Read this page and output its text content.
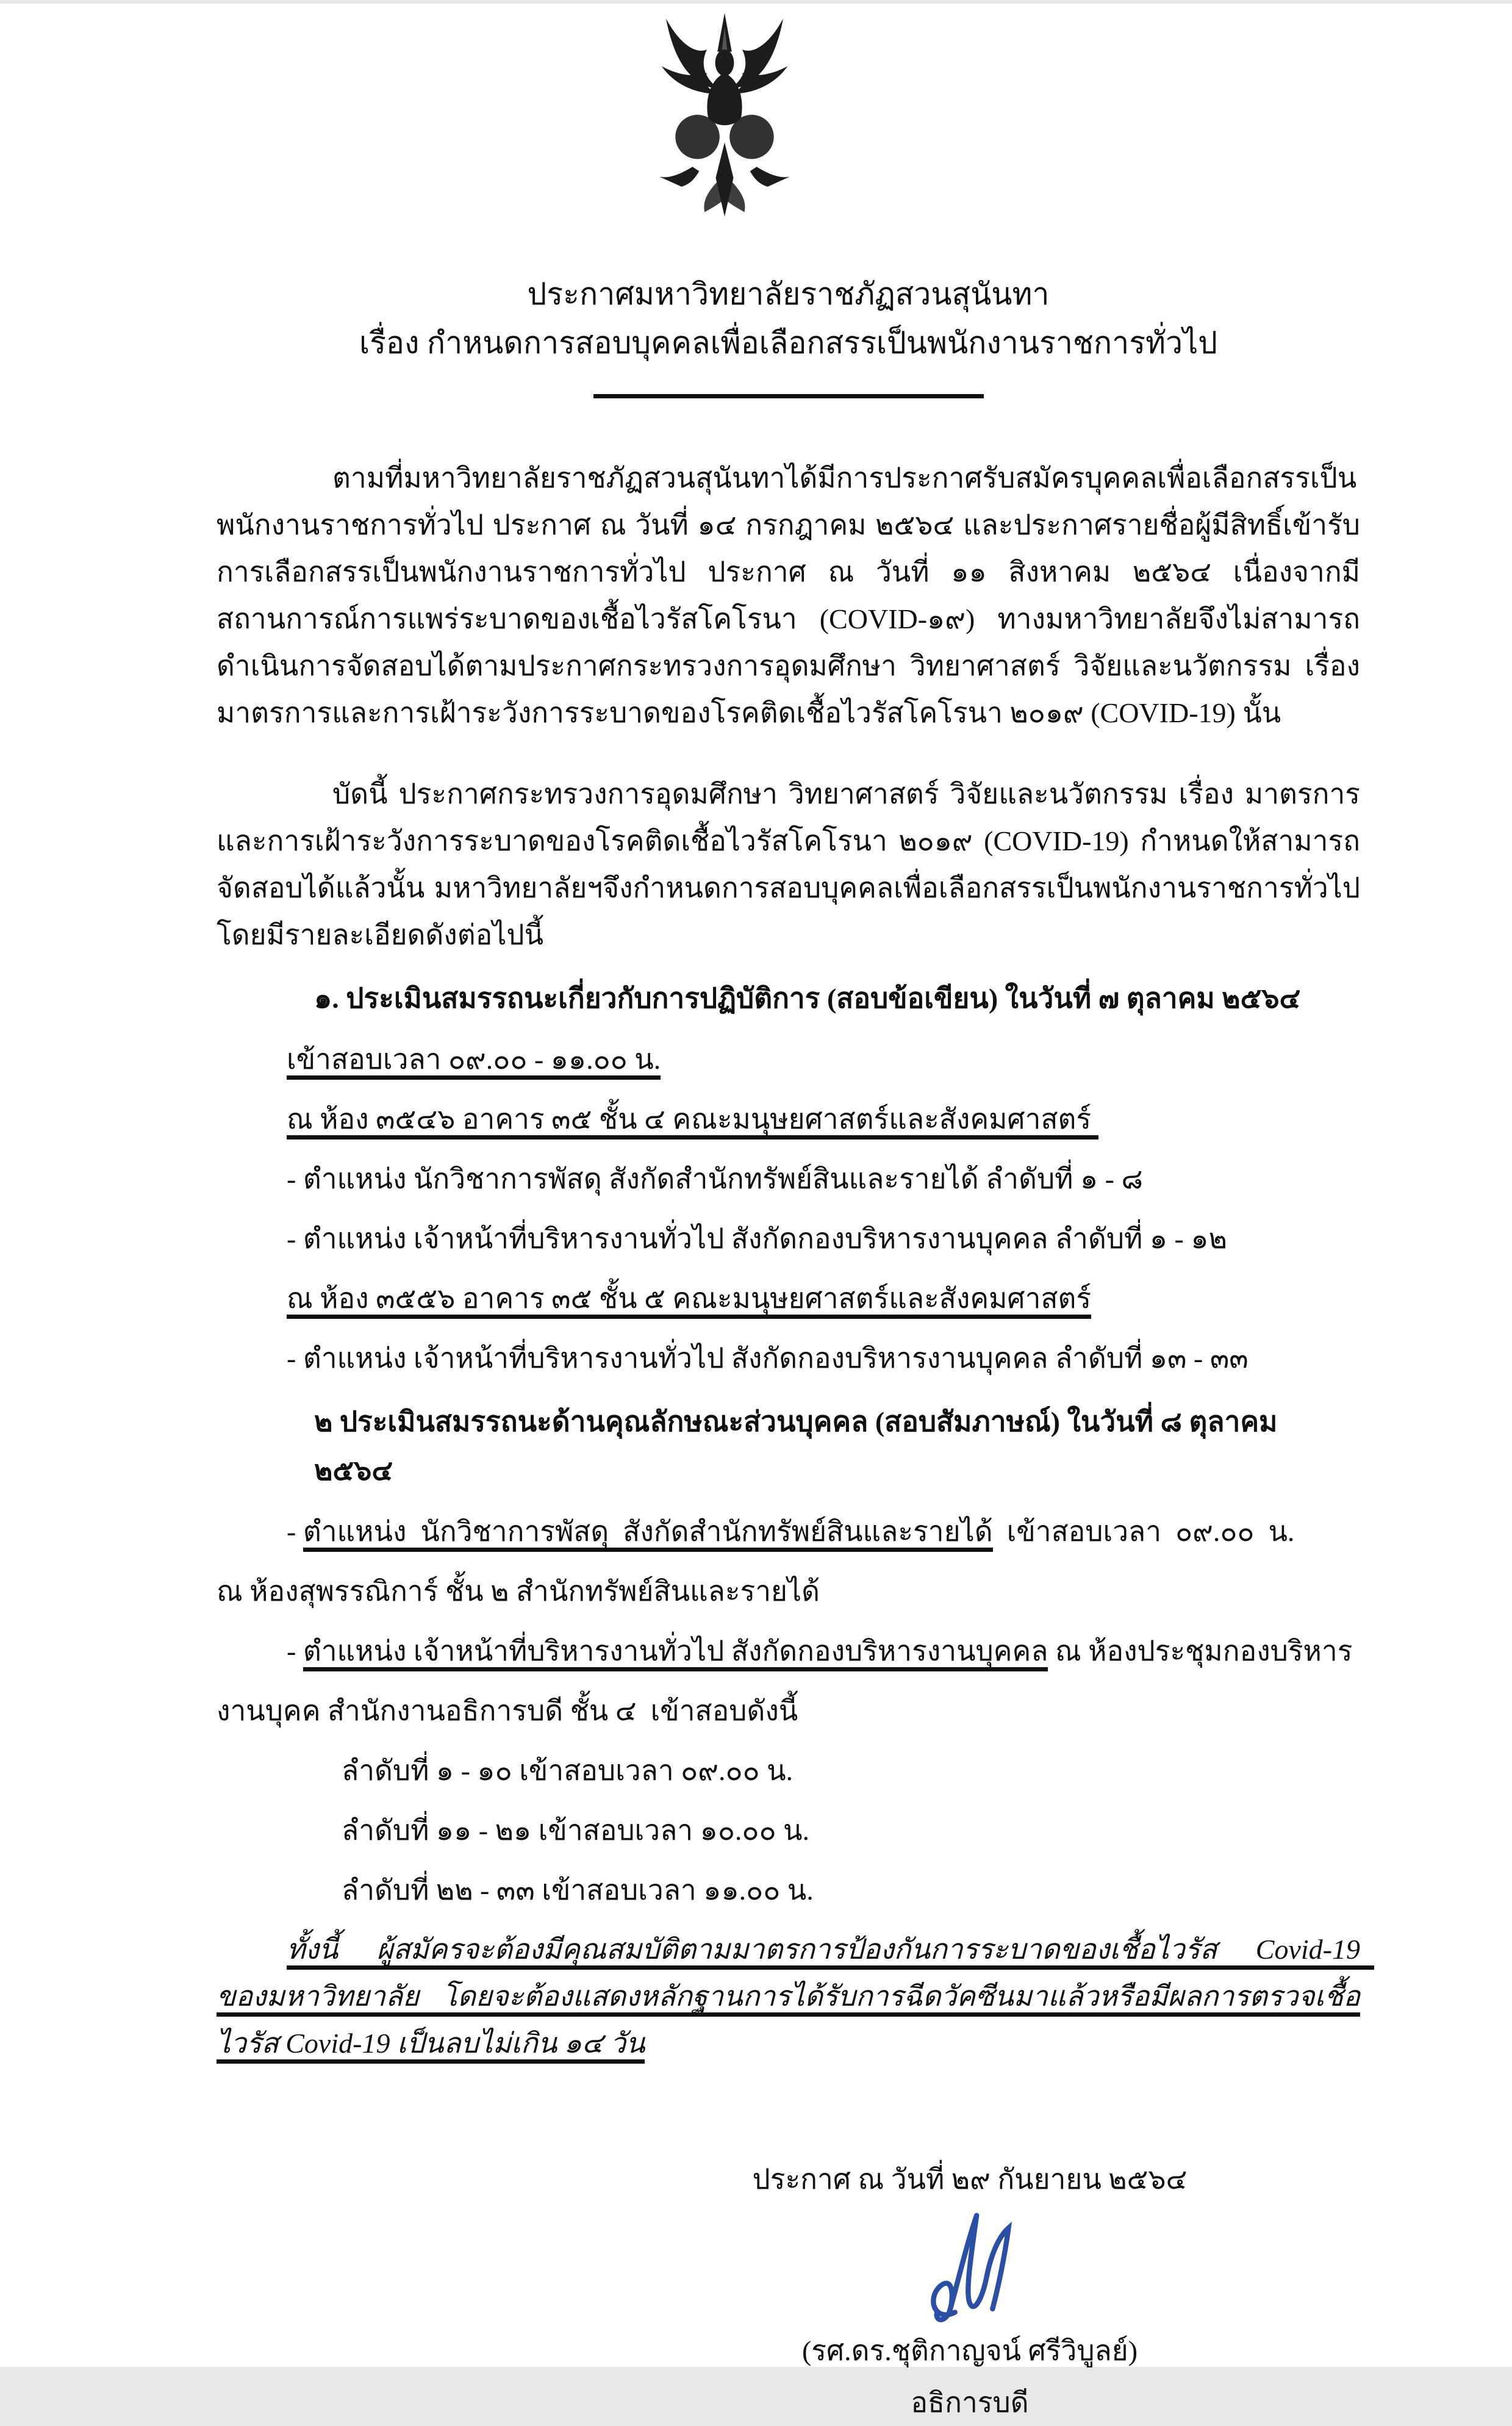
ประกาศมหาวิทยาลัยราชภัฏสวนสุนันทา
เรื่อง กำหนดการสอบบุคคลเพื่อเลือกสรรเป็นพนักงานราชการทั่วไป
ตามที่มหาวิทยาลัยราชภัฏสวนสุนันทาได้มีการประกาศรับสมัครบุคคลเพื่อเลือกสรรเป็นพนักงานราชการทั่วไป ประกาศ ณ วันที่ ๑๔ กรกฎาคม ๒๕๖๔ และประกาศรายชื่อผู้มีสิทธิ์เข้ารับการเลือกสรรเป็นพนักงานราชการทั่วไป ประกาศ ณ วันที่ ๑๑ สิงหาคม ๒๕๖๔ เนื่องจากมีสถานการณ์การแพร่ระบาดของเชื้อไวรัสโคโรนา (COVID-๑๙) ทางมหาวิทยาลัยจึงไม่สามารถดำเนินการจัดสอบได้ตามประกาศกระทรวงการอุดมศึกษา วิทยาศาสตร์ วิจัยและนวัตกรรม เรื่อง มาตรการและการเฝ้าระวังการระบาดของโรคติดเชื้อไวรัสโคโรนา ๒๐๑๙ (COVID-19) นั้น
บัดนี้ ประกาศกระทรวงการอุดมศึกษา วิทยาศาสตร์ วิจัยและนวัตกรรม เรื่อง มาตรการและการเฝ้าระวังการระบาดของโรคติดเชื้อไวรัสโคโรนา ๒๐๑๙ (COVID-19) กำหนดให้สามารถจัดสอบได้แล้วนั้น มหาวิทยาลัยฯจึงกำหนดการสอบบุคคลเพื่อเลือกสรรเป็นพนักงานราชการทั่วไป โดยมีรายละเอียดดังต่อไปนี้
๑. ประเมินสมรรถนะเกี่ยวกับการปฏิบัติการ (สอบข้อเขียน) ในวันที่ ๗ ตุลาคม ๒๕๖๔
เข้าสอบเวลา ๐๙.๐๐ - ๑๑.๐๐ น.
ณ ห้อง ๓๕๔๖ อาคาร ๓๕ ชั้น ๔ คณะมนุษยศาสตร์และสังคมศาสตร์
- ตำแหน่ง นักวิชาการพัสดุ สังกัดสำนักทรัพย์สินและรายได้ ลำดับที่ ๑ - ๘
- ตำแหน่ง เจ้าหน้าที่บริหารงานทั่วไป สังกัดกองบริหารงานบุคคล ลำดับที่ ๑ - ๑๒
ณ ห้อง ๓๕๕๖ อาคาร ๓๕ ชั้น ๕ คณะมนุษยศาสตร์และสังคมศาสตร์
- ตำแหน่ง เจ้าหน้าที่บริหารงานทั่วไป สังกัดกองบริหารงานบุคคล ลำดับที่ ๑๓ - ๓๓
๒ ประเมินสมรรถนะด้านคุณลักษณะส่วนบุคคล (สอบสัมภาษณ์) ในวันที่ ๘ ตุลาคม ๒๕๖๔
- ตำแหน่ง  นักวิชาการพัสดุ  สังกัดสำนักทรัพย์สินและรายได้  เข้าสอบเวลา  ๐๙.๐๐  น.
ณ ห้องสุพรรณิการ์ ชั้น ๒ สำนักทรัพย์สินและรายได้
- ตำแหน่ง เจ้าหน้าที่บริหารงานทั่วไป สังกัดกองบริหารงานบุคคล ณ ห้องประชุมกองบริหาร
งานบุคค สำนักงานอธิการบดี ชั้น ๔  เข้าสอบดังนี้
ลำดับที่ ๑ - ๑๐ เข้าสอบเวลา ๐๙.๐๐ น.
ลำดับที่ ๑๑ - ๒๑ เข้าสอบเวลา ๑๐.๐๐ น.
ลำดับที่ ๒๒ - ๓๓ เข้าสอบเวลา ๑๑.๐๐ น.
ทั้งนี้  ผู้สมัครจะต้องมีคุณสมบัติตามมาตรการป้องกันการระบาดของเชื้อไวรัส  Covid-19  ของมหาวิทยาลัย โดยจะต้องแสดงหลักฐานการได้รับการฉีดวัคซีนมาแล้วหรือมีผลการตรวจเชื้อไวรัส Covid-19 เป็นลบไม่เกิน ๑๔ วัน
ประกาศ ณ วันที่ ๒๙ กันยายน ๒๕๖๔
(รศ.ดร.ชุติกาญจน์ ศรีวิบูลย์)
อธิการบดี
